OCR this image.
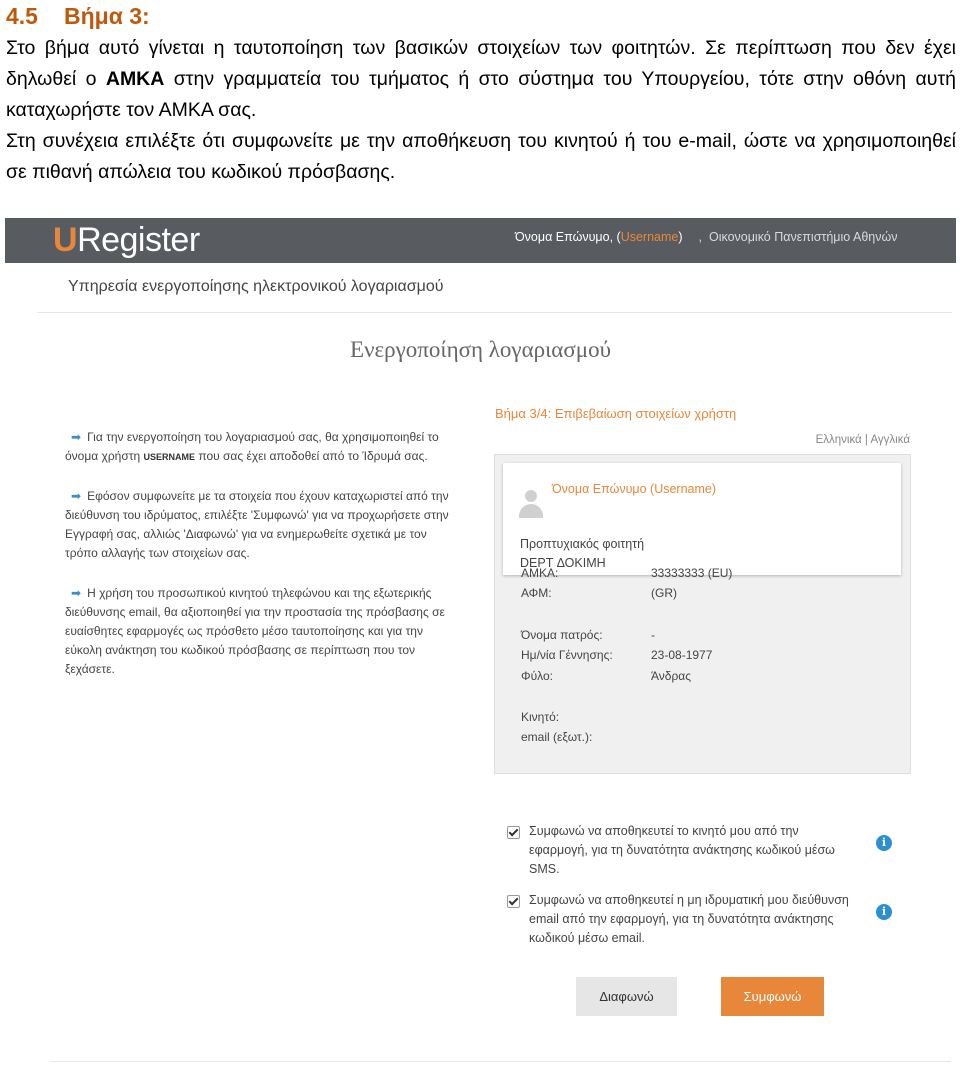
4.5 Βήμα 3:

Στο βήμα αυτό γίνεται η ταυτοποίηση των βασικών στοιχείων των φοιτητών. Σε περίπτωση που δεν έχει δηλωθεί ο ΑΜΚΑ στην γραμματεία του τμήματος ή στο σύστημα του Υπουργείου, τότε στην οθόνη αυτή καταχωρήστε τον ΑΜΚΑ σας.

Στη συνέχεια επιλέξτε ότι συμφωνείτε με την αποθήκευση του κινητού ή του e-mail, ώστε να χρησιμοποιηθεί σε πιθανή απώλεια του κωδικού πρόσβασης.

URegister	Όνομα Επώνυμο, (Username) , Οικονομικό Πανεπιστήμιο Αθηνών
Υπηρεσία ενεργοποίησης ηλεκτρονικού λογαριασμού
Ενεργοποίηση λογαριασμού
Βήμα 3/4: Επιβεβαίωση στοιχείων χρήστη
Ελληνικά | Αγγλικά
➡ Για την ενεργοποίηση του λογαριασμού σας, θα χρησιμοποιηθεί το όνομα χρήστη USERNAME που σας έχει αποδοθεί από το Ίδρυμά σας.
➡ Εφόσον συμφωνείτε με τα στοιχεία που έχουν καταχωριστεί από την διεύθυνση του ιδρύματος, επιλέξτε 'Συμφωνώ' για να προχωρήσετε στην Εγγραφή σας, αλλιώς 'Διαφωνώ' για να ενημερωθείτε σχετικά με τον τρόπο αλλαγής των στοιχείων σας.
➡ Η χρήση του προσωπικού κινητού τηλεφώνου και της εξωτερικής διεύθυνσης email, θα αξιοποιηθεί για την προστασία της πρόσβασης σε ευαίσθητες εφαρμογές ως πρόσθετο μέσο ταυτοποίησης και για την εύκολη ανάκτηση του κωδικού πρόσβασης σε περίπτωση που τον ξεχάσετε.
Όνομα Επώνυμο (Username)
Προπτυχιακός φοιτητή
DEPT ΔΟΚΙΜΗ
ΑΜΚΑ:	33333333 (EU)
ΑΦΜ:	(GR)
Όνομα πατρός:	-
Ημ/νία Γέννησης:	23-08-1977
Φύλο:	Άνδρας
Κινητό:
email (εξωτ.):
Συμφωνώ να αποθηκευτεί το κινητό μου από την εφαρμογή, για τη δυνατότητα ανάκτησης κωδικού μέσω SMS.
i
Συμφωνώ να αποθηκευτεί η μη ιδρυματική μου διεύθυνση email από την εφαρμογή, για τη δυνατότητα ανάκτησης κωδικού μέσω email.
i
Διαφωνώ	Συμφωνώ
